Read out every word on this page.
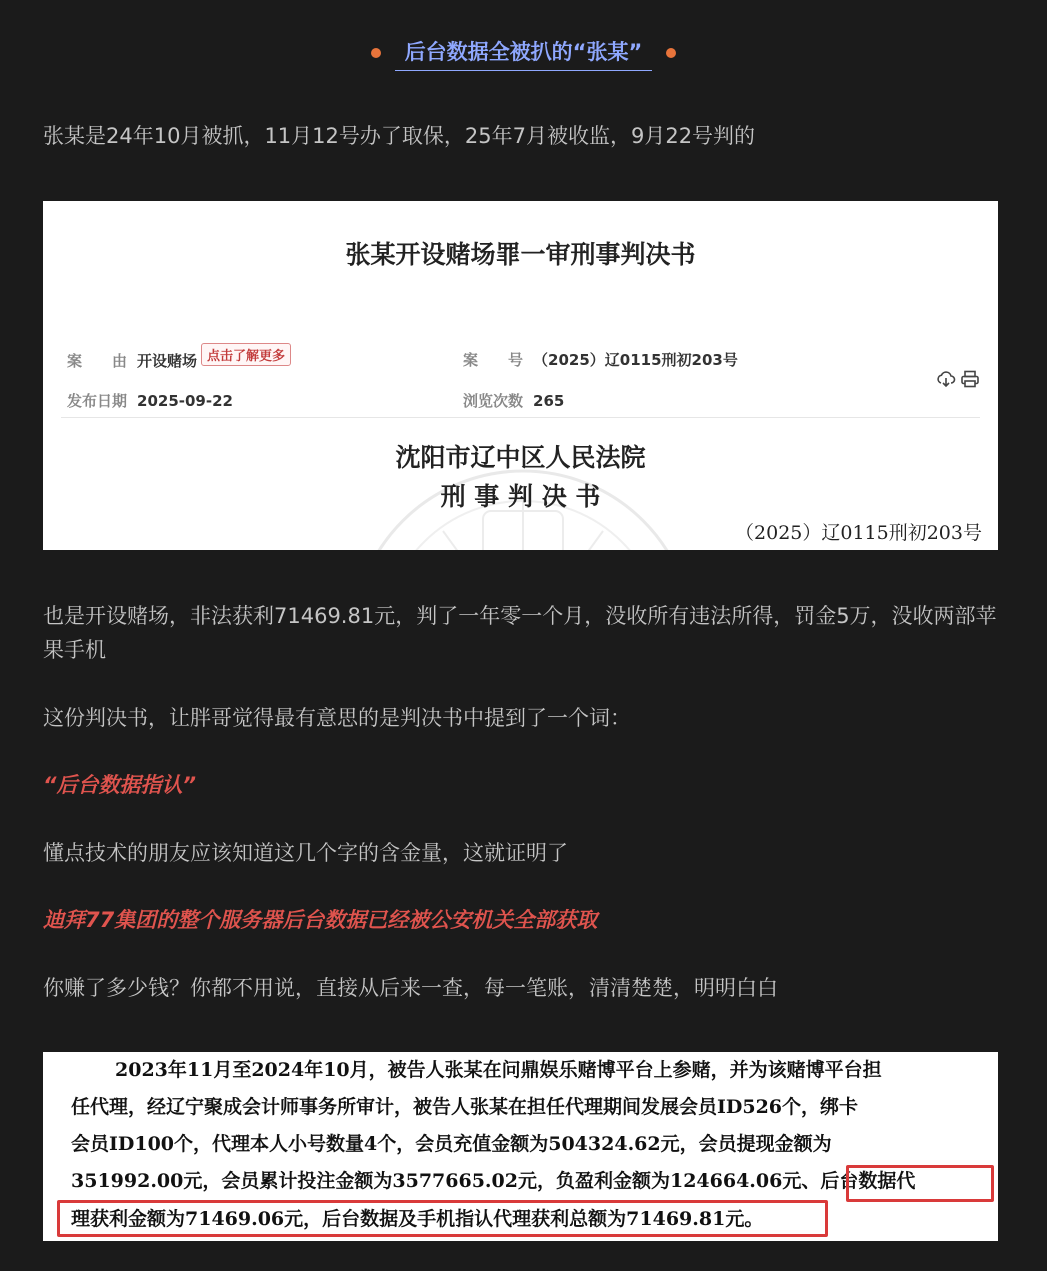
后台数据全被扒的“张某”
张某是24年10月被抓，11月12号办了取保，25年7月被收监，9月22号判的
张某开设赌场罪一审刑事判决书
案　　由 开设赌场 点击了解更多	案　　号 （2025）辽0115刑初203号
发布日期 2025-09-22	浏览次数 265
沈阳市辽中区人民法院
刑 事 判 决 书
（2025）辽0115刑初203号
也是开设赌场，非法获利71469.81元，判了一年零一个月，没收所有违法所得，罚金5万，没收两部苹果手机
这份判决书，让胖哥觉得最有意思的是判决书中提到了一个词：
“后台数据指认”
懂点技术的朋友应该知道这几个字的含金量，这就证明了
迪拜77集团的整个服务器后台数据已经被公安机关全部获取
你赚了多少钱？你都不用说，直接从后来一查，每一笔账，清清楚楚，明明白白
2023年11月至2024年10月，被告人张某在问鼎娱乐赌博平台上参赌，并为该赌博平台担
任代理，经辽宁聚成会计师事务所审计，被告人张某在担任代理期间发展会员ID526个，绑卡
会员ID100个，代理本人小号数量4个，会员充值金额为504324.62元，会员提现金额为
351992.00元，会员累计投注金额为3577665.02元，负盈利金额为124664.06元、后台数据代
理获利金额为71469.06元，后台数据及手机指认代理获利总额为71469.81元。
